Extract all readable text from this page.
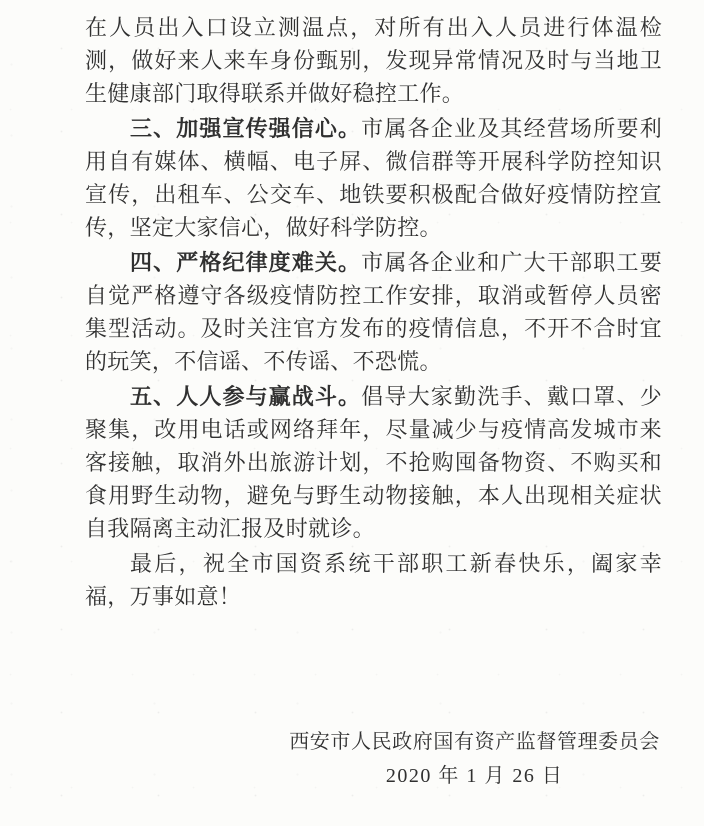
在人员出入口设立测温点，对所有出入人员进行体温检测，做好来人来车身份甄别，发现异常情况及时与当地卫生健康部门取得联系并做好稳控工作。

三、加强宣传强信心。市属各企业及其经营场所要利用自有媒体、横幅、电子屏、微信群等开展科学防控知识宣传，出租车、公交车、地铁要积极配合做好疫情防控宣传，坚定大家信心，做好科学防控。

四、严格纪律度难关。市属各企业和广大干部职工要自觉严格遵守各级疫情防控工作安排，取消或暂停人员密集型活动。及时关注官方发布的疫情信息，不开不合时宜的玩笑，不信谣、不传谣、不恐慌。

五、人人参与赢战斗。倡导大家勤洗手、戴口罩、少聚集，改用电话或网络拜年，尽量减少与疫情高发城市来客接触，取消外出旅游计划，不抢购囤备物资、不购买和食用野生动物，避免与野生动物接触，本人出现相关症状自我隔离主动汇报及时就诊。

最后，祝全市国资系统干部职工新春快乐，阖家幸福，万事如意！

西安市人民政府国有资产监督管理委员会
2020 年 1 月 26 日
